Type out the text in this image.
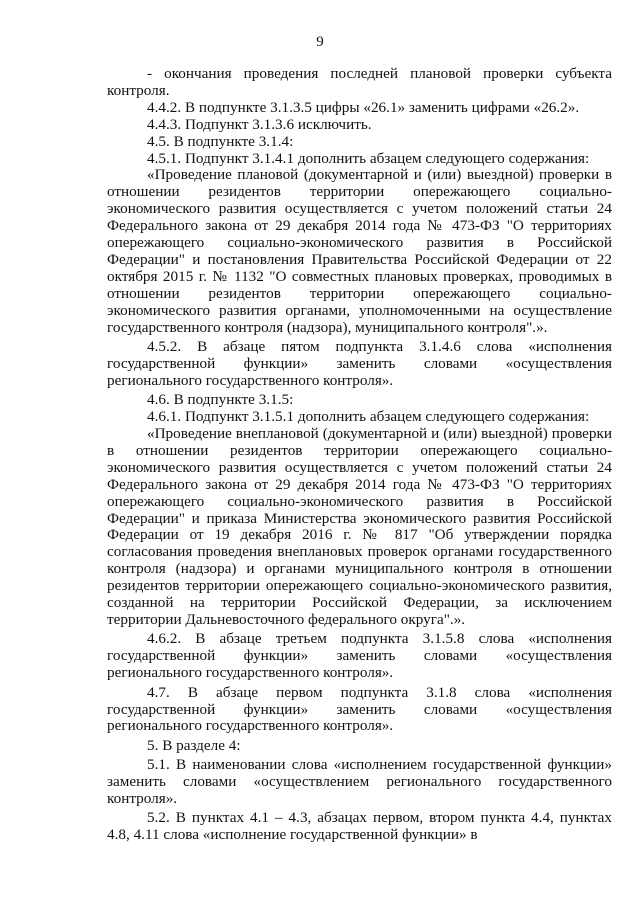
9

- окончания проведения последней плановой проверки субъекта контроля.

4.4.2. В подпункте 3.1.3.5 цифры «26.1» заменить цифрами «26.2».

4.4.3. Подпункт 3.1.3.6 исключить.

4.5. В подпункте 3.1.4:

4.5.1. Подпункт 3.1.4.1 дополнить абзацем следующего содержания:

«Проведение плановой (документарной и (или) выездной) проверки в отношении резидентов территории опережающего социально-экономического развития осуществляется с учетом положений статьи 24 Федерального закона от 29 декабря 2014 года № 473-ФЗ "О территориях опережающего социально-экономического развития в Российской Федерации" и постановления Правительства Российской Федерации от 22 октября 2015 г. № 1132 "О совместных плановых проверках, проводимых в отношении резидентов территории опережающего социально-экономического развития органами, уполномоченными на осуществление государственного контроля (надзора), муниципального контроля".».

4.5.2. В абзаце пятом подпункта 3.1.4.6 слова «исполнения государственной функции» заменить словами «осуществления регионального государственного контроля».

4.6. В подпункте 3.1.5:

4.6.1. Подпункт 3.1.5.1 дополнить абзацем следующего содержания:

«Проведение внеплановой (документарной и (или) выездной) проверки в отношении резидентов территории опережающего социально-экономического развития осуществляется с учетом положений статьи 24 Федерального закона от 29 декабря 2014 года № 473-ФЗ "О территориях опережающего социально-экономического развития в Российской Федерации" и приказа Министерства экономического развития Российской Федерации от 19 декабря 2016 г. № 817 "Об утверждении порядка согласования проведения внеплановых проверок органами государственного контроля (надзора) и органами муниципального контроля в отношении резидентов территории опережающего социально-экономического развития, созданной на территории Российской Федерации, за исключением территории Дальневосточного федерального округа".».

4.6.2. В абзаце третьем подпункта 3.1.5.8 слова «исполнения государственной функции» заменить словами «осуществления регионального государственного контроля».

4.7. В абзаце первом подпункта 3.1.8 слова «исполнения государственной функции» заменить словами «осуществления регионального государственного контроля».

5. В разделе 4:

5.1. В наименовании слова «исполнением государственной функции» заменить словами «осуществлением регионального государственного контроля».

5.2. В пунктах 4.1 – 4.3, абзацах первом, втором пункта 4.4, пунктах 4.8, 4.11 слова «исполнение государственной функции» в
